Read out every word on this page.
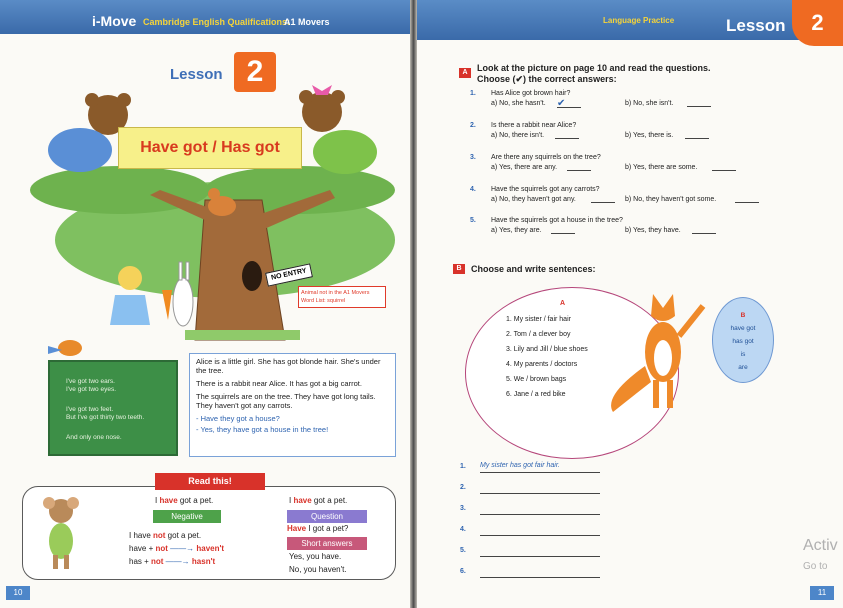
i-Move Cambridge English Qualifications:
A1 Movers
Lesson 2
Have got / Has got
NO ENTRY
Animal not in the A1 Movers Word List: squirrel
I've got two ears.
I've got two eyes.
I've got two feet.
But I've got thirty two teeth.
And only one nose.

Alice is a little girl. She has got blonde hair. She's under the tree.

There is a rabbit near Alice. It has got a big carrot.

The squirrels are on the tree. They have got long tails. They haven't got any carrots.

- Have they got a house?

- Yes, they have got a house in the tree!

I have got a pet.
Negative
I have not got a pet.
have + not ——→ haven't
has + not ——→ hasn't
I have got a pet.
Question
Have I got a pet?
Short answers
Yes, you have.
No, you haven't.
Read this!
10
Language Practice	Lesson	2
A	Look at the picture on page 10 and read the questions.
Choose (✔) the correct answers:
1. Has Alice got brown hair?
a) No, she hasn't. ✔	b) No, she isn't.
2. Is there a rabbit near Alice?
a) No, there isn't.	b) Yes, there is.
3. Are there any squirrels on the tree?
a) Yes, there are any.	b) Yes, there are some.
4. Have the squirrels got any carrots?
a) No, they haven't got any.	b) No, they haven't got some.
5. Have the squirrels got a house in the tree?
a) Yes, they are.	b) Yes, they have.
B	Choose and write sentences:
A
1. My sister / fair hair
2. Tom / a clever boy
3. Lily and Jill / blue shoes
4. My parents / doctors
5. We / brown bags
6. Jane / a red bike
B
have got
has got
is
are
1. My sister has got fair hair.
2.
3.
4.
5.
6.
Activ
Go to
11
